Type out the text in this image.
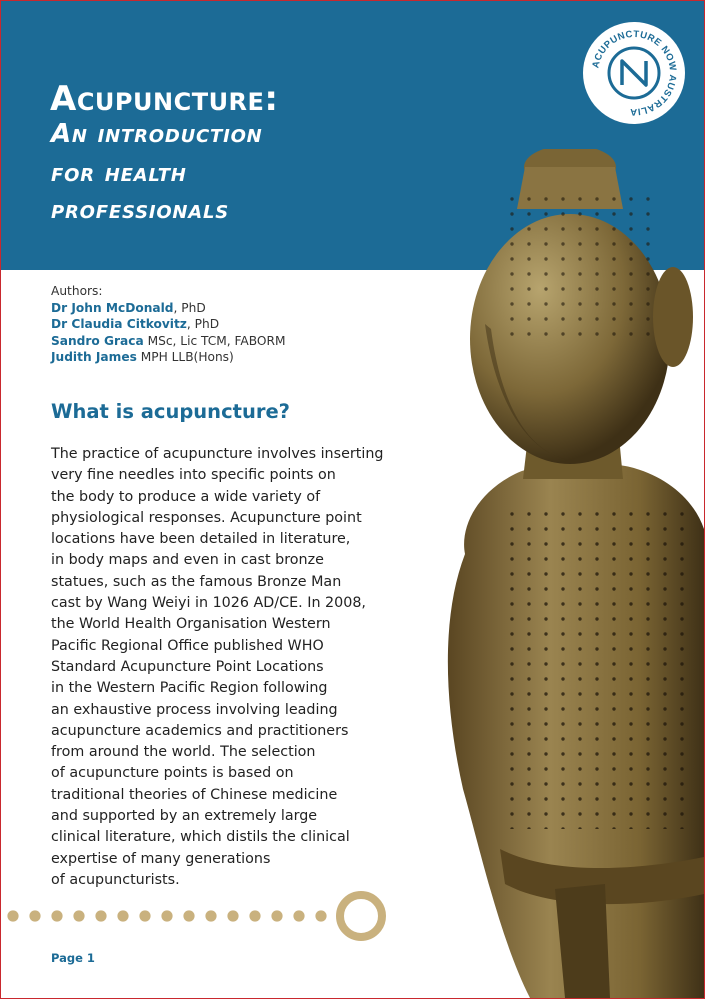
Acupuncture:
An introduction
for health
professionals
ACUPUNCTURE NOW AUSTRALIA
Authors:
Dr John McDonald, PhD
Dr Claudia Citkovitz, PhD
Sandro Graca MSc, Lic TCM, FABORM
Judith James MPH LLB(Hons)
What is acupuncture?
The practice of acupuncture involves inserting
very fine needles into specific points on
the body to produce a wide variety of
physiological responses. Acupuncture point
locations have been detailed in literature,
in body maps and even in cast bronze
statues, such as the famous Bronze Man
cast by Wang Weiyi in 1026 AD/CE. In 2008,
the World Health Organisation Western
Pacific Regional Office published WHO
Standard Acupuncture Point Locations
in the Western Pacific Region following
an exhaustive process involving leading
acupuncture academics and practitioners
from around the world. The selection
of acupuncture points is based on
traditional theories of Chinese medicine
and supported by an extremely large
clinical literature, which distils the clinical
expertise of many generations
of acupuncturists.
Page 1
